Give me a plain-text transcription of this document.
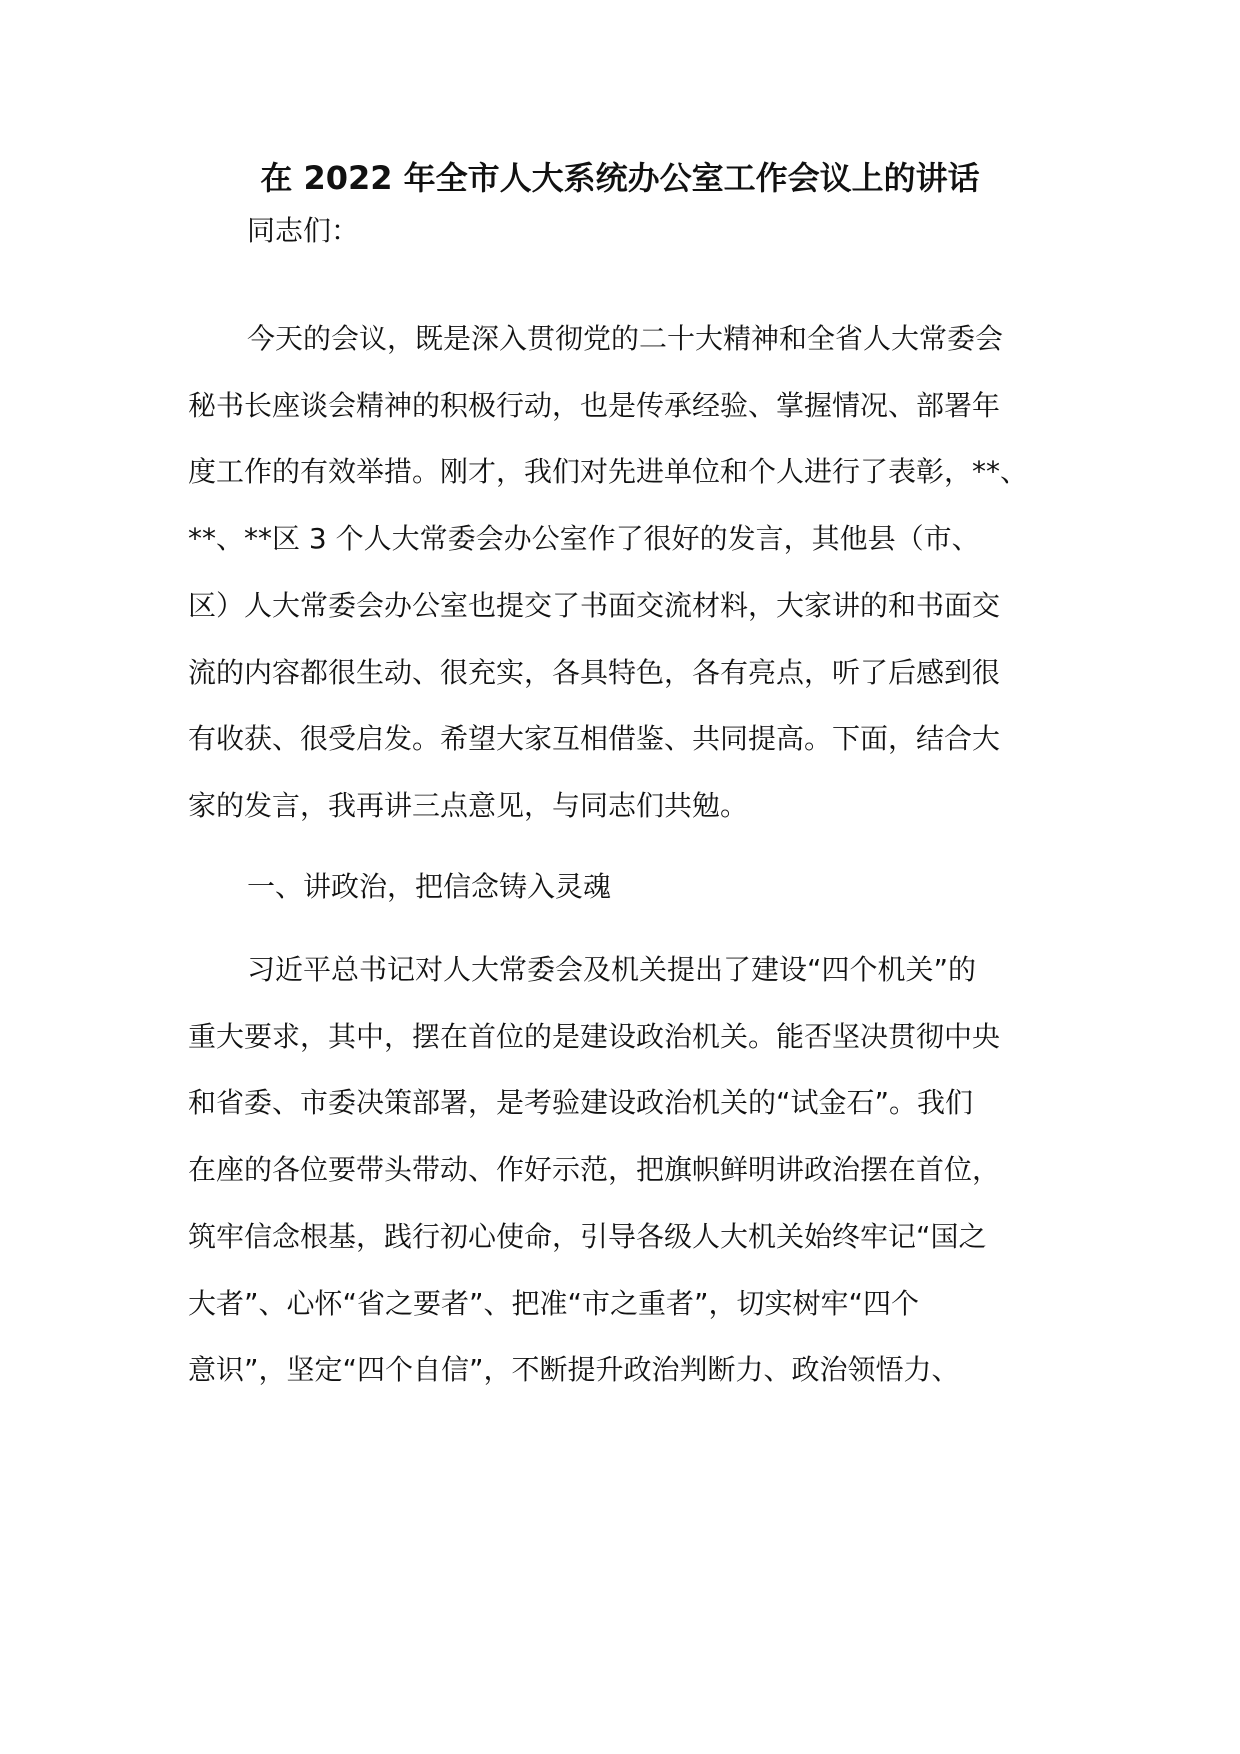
在 2022 年全市人大系统办公室工作会议上的讲话
同志们：
今天的会议，既是深入贯彻党的二十大精神和全省人大常委会
秘书长座谈会精神的积极行动，也是传承经验、掌握情况、部署年
度工作的有效举措。刚才，我们对先进单位和个人进行了表彰，**、
**、**区 3 个人大常委会办公室作了很好的发言，其他县（市、
区）人大常委会办公室也提交了书面交流材料，大家讲的和书面交
流的内容都很生动、很充实，各具特色，各有亮点，听了后感到很
有收获、很受启发。希望大家互相借鉴、共同提高。下面，结合大
家的发言，我再讲三点意见，与同志们共勉。
一、讲政治，把信念铸入灵魂
习近平总书记对人大常委会及机关提出了建设“四个机关”的
重大要求，其中，摆在首位的是建设政治机关。能否坚决贯彻中央
和省委、市委决策部署，是考验建设政治机关的“试金石”。我们
在座的各位要带头带动、作好示范，把旗帜鲜明讲政治摆在首位，
筑牢信念根基，践行初心使命，引导各级人大机关始终牢记“国之
大者”、心怀“省之要者”、把准“市之重者”，切实树牢“四个
意识”，坚定“四个自信”，不断提升政治判断力、政治领悟力、
